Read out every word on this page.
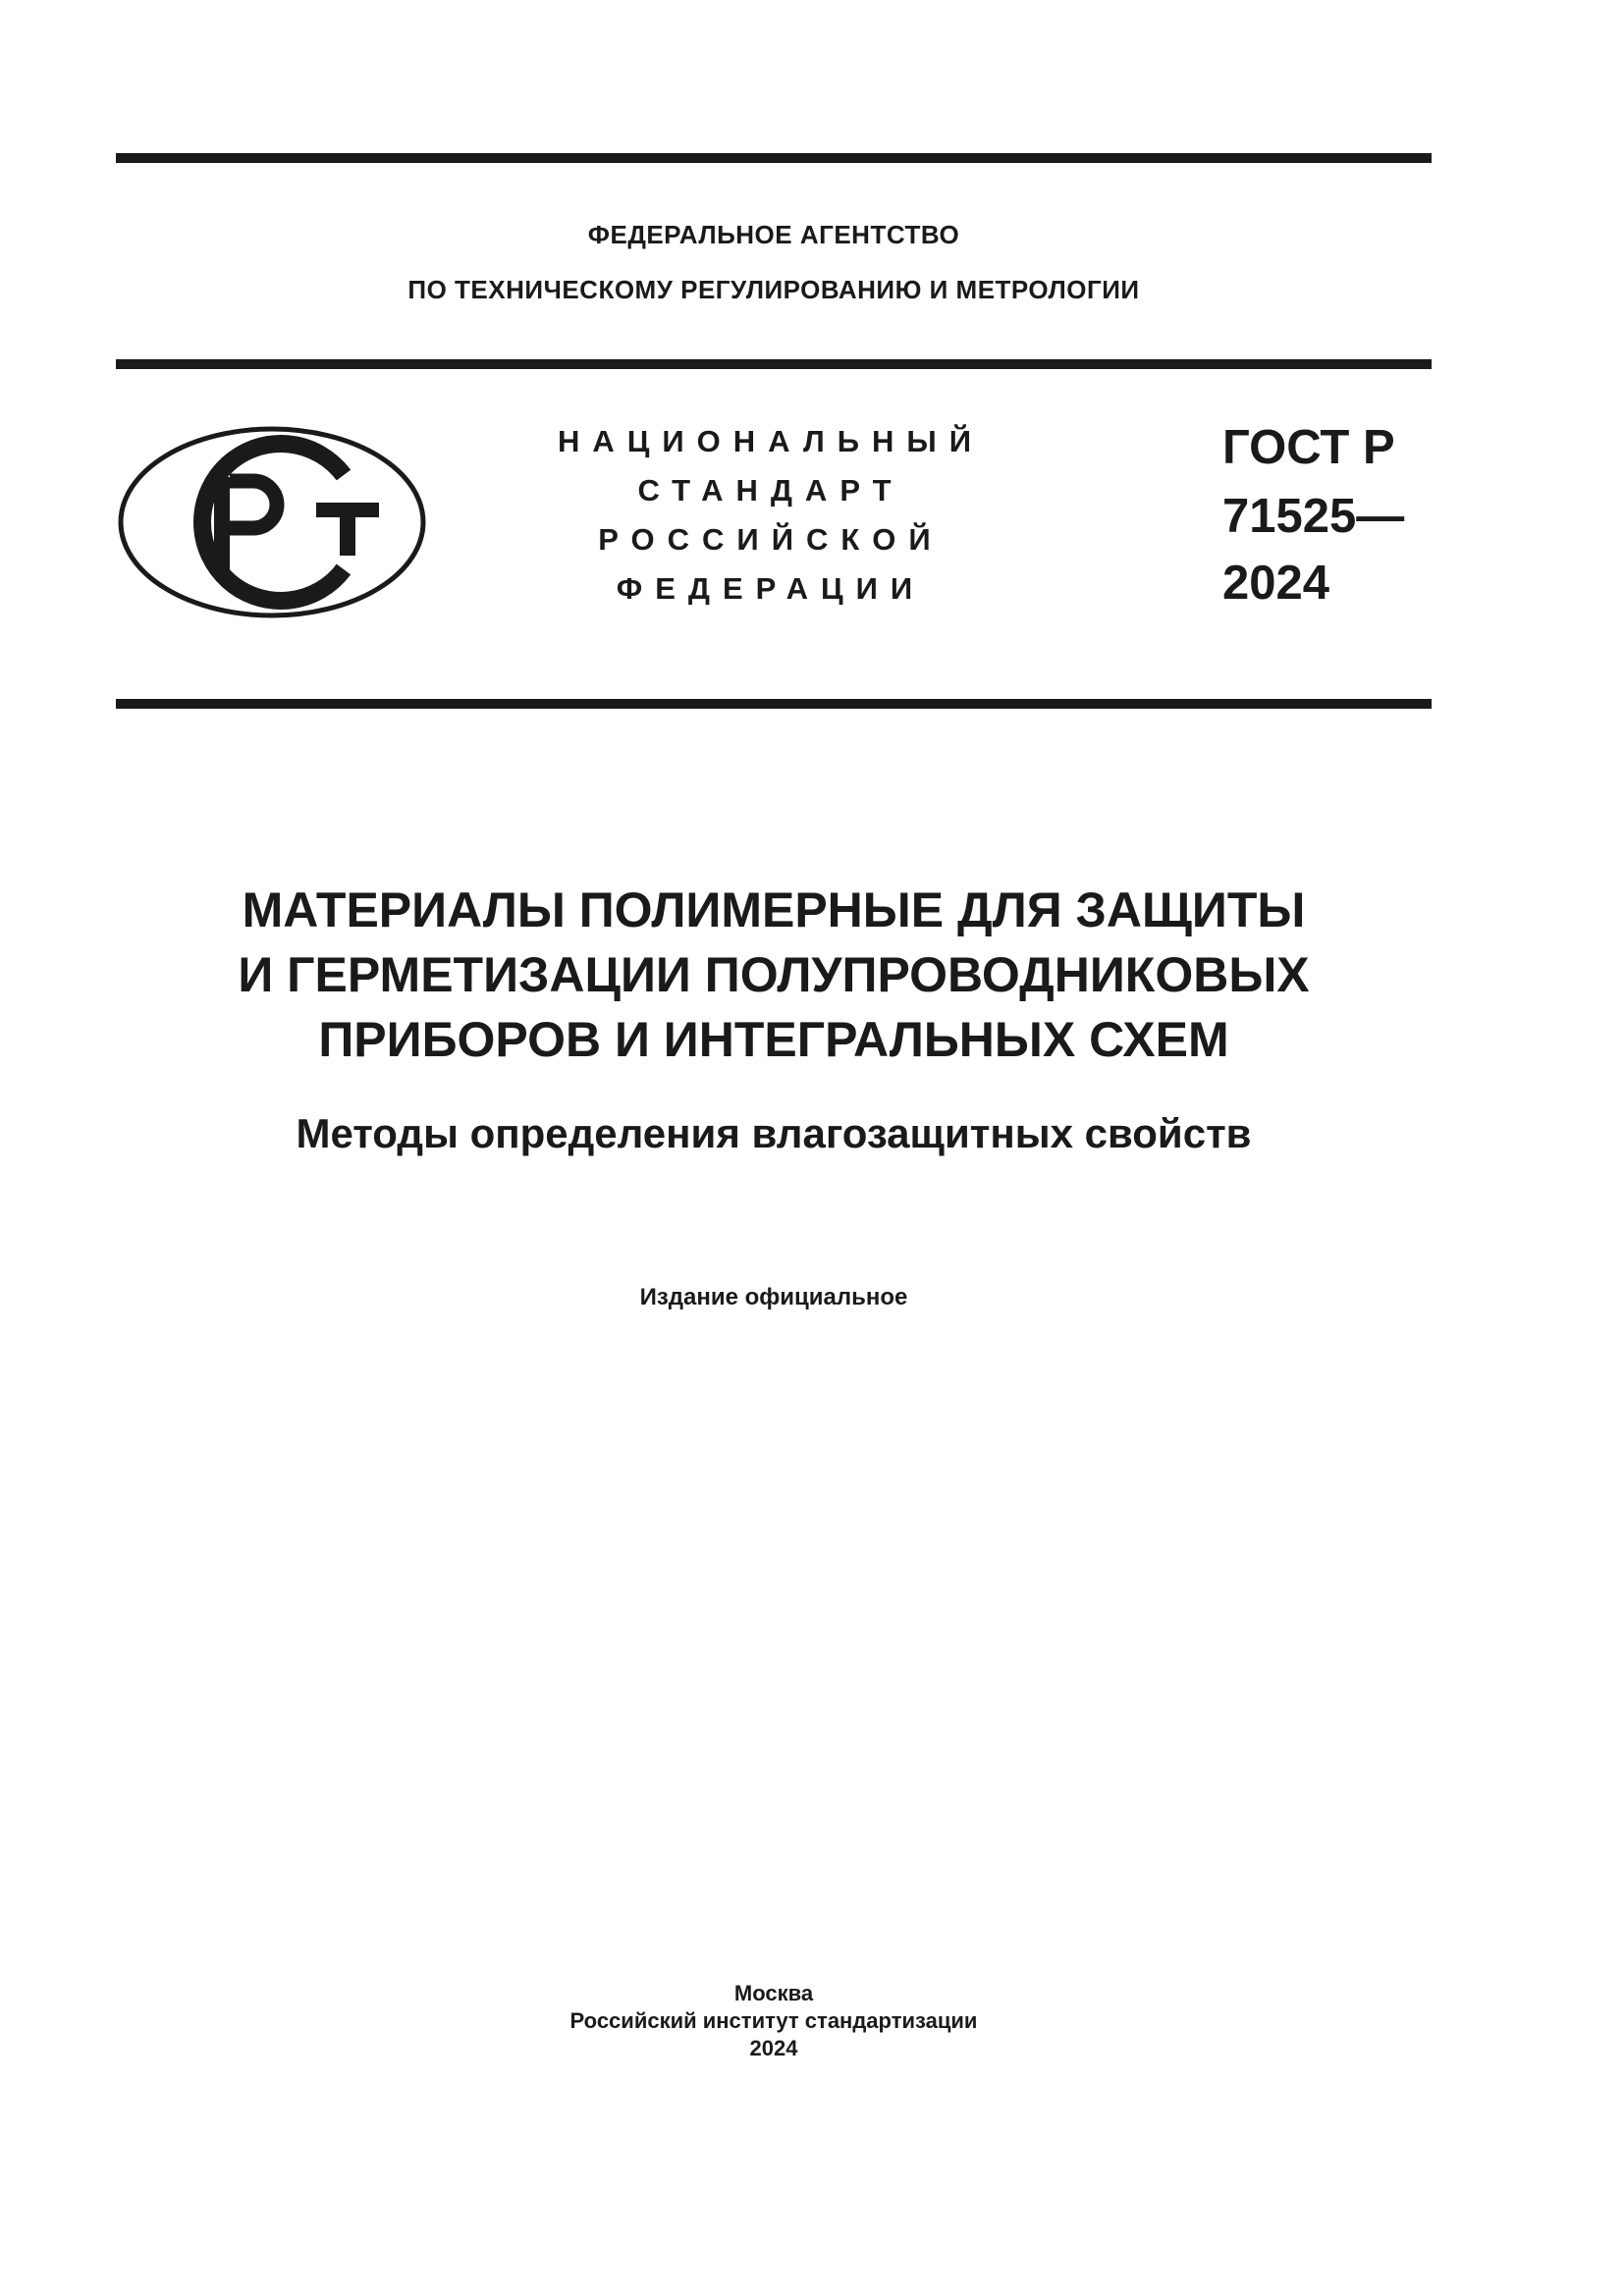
ФЕДЕРАЛЬНОЕ АГЕНТСТВО
ПО ТЕХНИЧЕСКОМУ РЕГУЛИРОВАНИЮ И МЕТРОЛОГИИ
НАЦИОНАЛЬНЫЙ
СТАНДАРТ
РОССИЙСКОЙ
ФЕДЕРАЦИИ
ГОСТ Р
71525—
2024
МАТЕРИАЛЫ ПОЛИМЕРНЫЕ ДЛЯ ЗАЩИТЫ
И ГЕРМЕТИЗАЦИИ ПОЛУПРОВОДНИКОВЫХ
ПРИБОРОВ И ИНТЕГРАЛЬНЫХ СХЕМ
Методы определения влагозащитных свойств
Издание официальное
Москва
Российский институт стандартизации
2024
